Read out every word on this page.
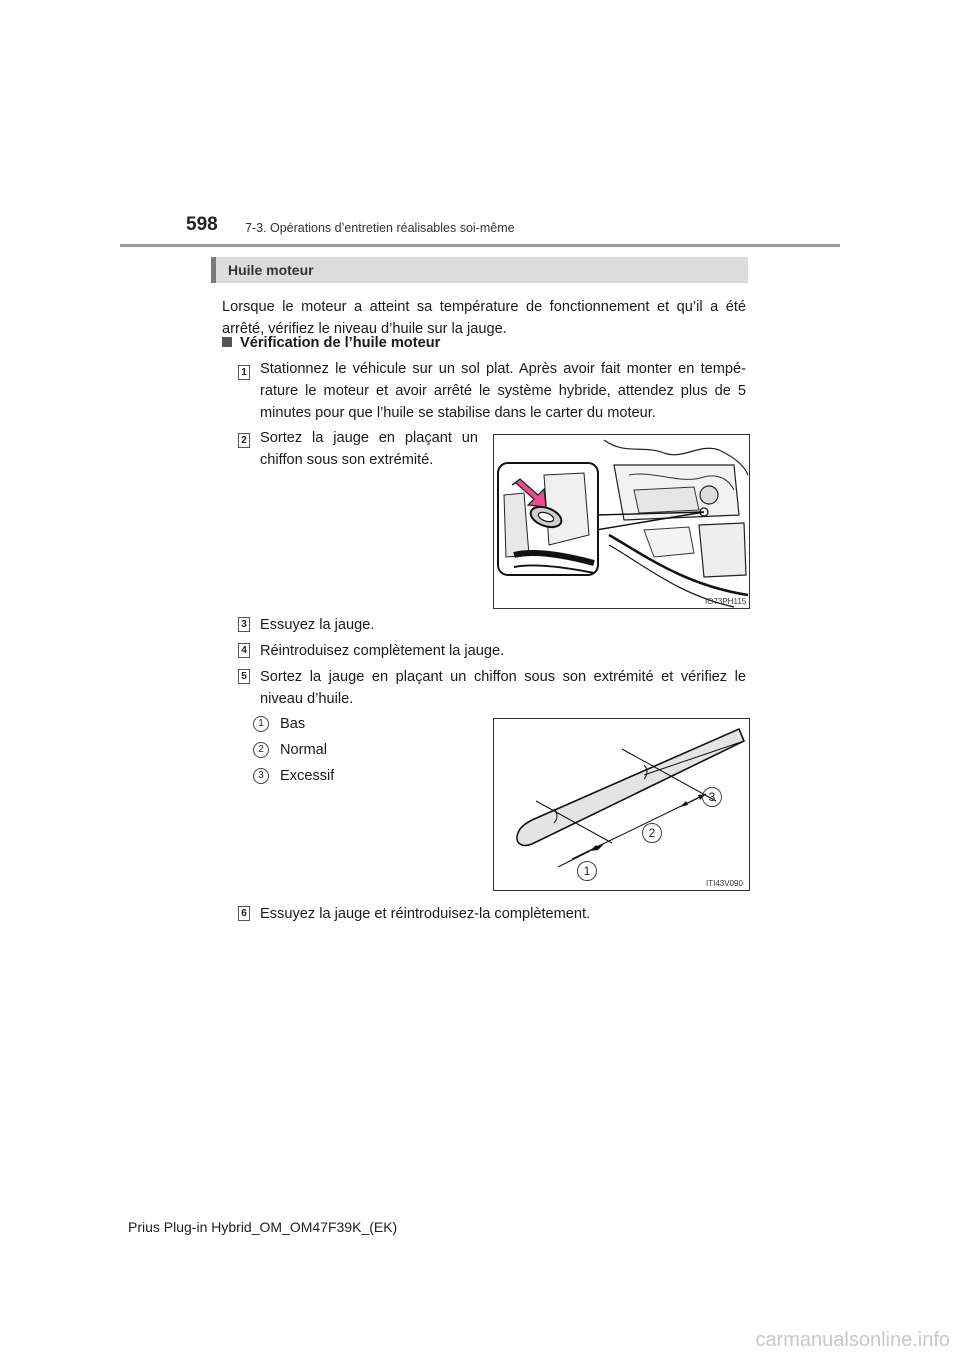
598 7-3. Opérations d’entretien réalisables soi-même
Huile moteur
Lorsque le moteur a atteint sa température de fonctionnement et qu’il a été arrêté, vérifiez le niveau d’huile sur la jauge.
Vérification de l’huile moteur
1 Stationnez le véhicule sur un sol plat. Après avoir fait monter en tempé-rature le moteur et avoir arrêté le système hybride, attendez plus de 5 minutes pour que l’huile se stabilise dans le carter du moteur.
2 Sortez la jauge en plaçant un chiffon sous son extrémité.
IO73PH115
3 Essuyez la jauge.
4 Réintroduisez complètement la jauge.
5 Sortez la jauge en plaçant un chiffon sous son extrémité et vérifiez le niveau d’huile.
1	Bas
2	Normal
3	Excessif
1
2
3
ITI43V090
6 Essuyez la jauge et réintroduisez-la complètement.
Prius Plug-in Hybrid_OM_OM47F39K_(EK)
carmanualsonline.info
